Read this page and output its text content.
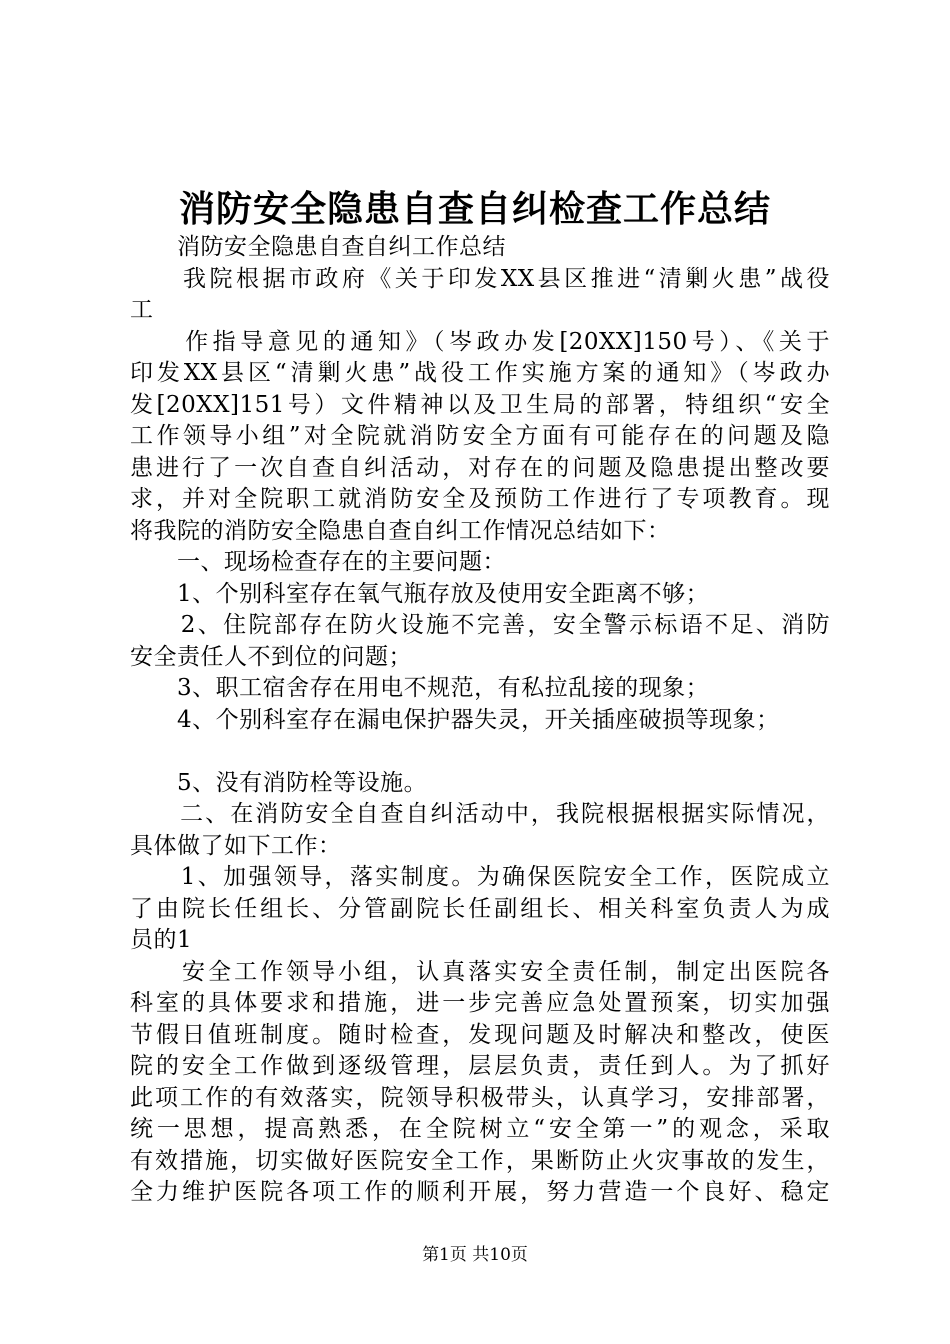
消防安全隐患自查自纠检查工作总结
　　消防安全隐患自查自纠工作总结
　　我院根据市政府《关于印发XX县区推进“清剿火患”战役
工
　　作指导意见的通知》（岑政办发[20XX]150号）、《关于
印发XX县区“清剿火患”战役工作实施方案的通知》（岑政办
发[20XX]151号）文件精神以及卫生局的部署，特组织“安全
工作领导小组”对全院就消防安全方面有可能存在的问题及隐
患进行了一次自查自纠活动，对存在的问题及隐患提出整改要
求，并对全院职工就消防安全及预防工作进行了专项教育。现
将我院的消防安全隐患自查自纠工作情况总结如下：
　　一、现场检查存在的主要问题：
　　1、个别科室存在氧气瓶存放及使用安全距离不够；
　　2、住院部存在防火设施不完善，安全警示标语不足、消防
安全责任人不到位的问题；
　　3、职工宿舍存在用电不规范，有私拉乱接的现象；
　　4、个别科室存在漏电保护器失灵，开关插座破损等现象；
　　5、没有消防栓等设施。
　　二、在消防安全自查自纠活动中，我院根据根据实际情况，
具体做了如下工作：
　　1、加强领导，落实制度。为确保医院安全工作，医院成立
了由院长任组长、分管副院长任副组长、相关科室负责人为成
员的1
　　安全工作领导小组，认真落实安全责任制，制定出医院各
科室的具体要求和措施，进一步完善应急处置预案，切实加强
节假日值班制度。随时检查，发现问题及时解决和整改，使医
院的安全工作做到逐级管理，层层负责，责任到人。为了抓好
此项工作的有效落实，院领导积极带头，认真学习，安排部署，
统一思想，提高熟悉，在全院树立“安全第一”的观念，采取
有效措施，切实做好医院安全工作，果断防止火灾事故的发生，
全力维护医院各项工作的顺利开展，努力营造一个良好、稳定
第1页 共10页
